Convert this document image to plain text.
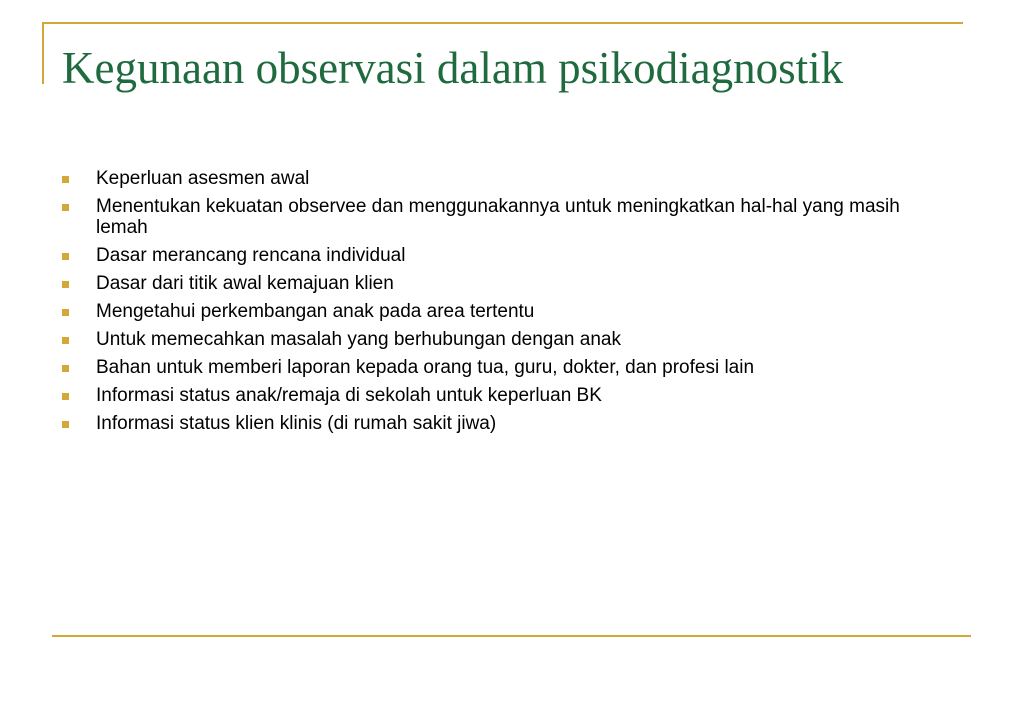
Kegunaan observasi dalam psikodiagnostik
Keperluan asesmen awal
Menentukan kekuatan observee dan menggunakannya untuk meningkatkan hal-hal yang masih lemah
Dasar merancang rencana individual
Dasar dari titik awal kemajuan klien
Mengetahui perkembangan anak pada area tertentu
Untuk memecahkan masalah yang berhubungan dengan anak
Bahan untuk memberi laporan kepada orang tua, guru, dokter, dan profesi lain
Informasi status anak/remaja di sekolah untuk keperluan BK
Informasi status klien klinis (di rumah sakit jiwa)
